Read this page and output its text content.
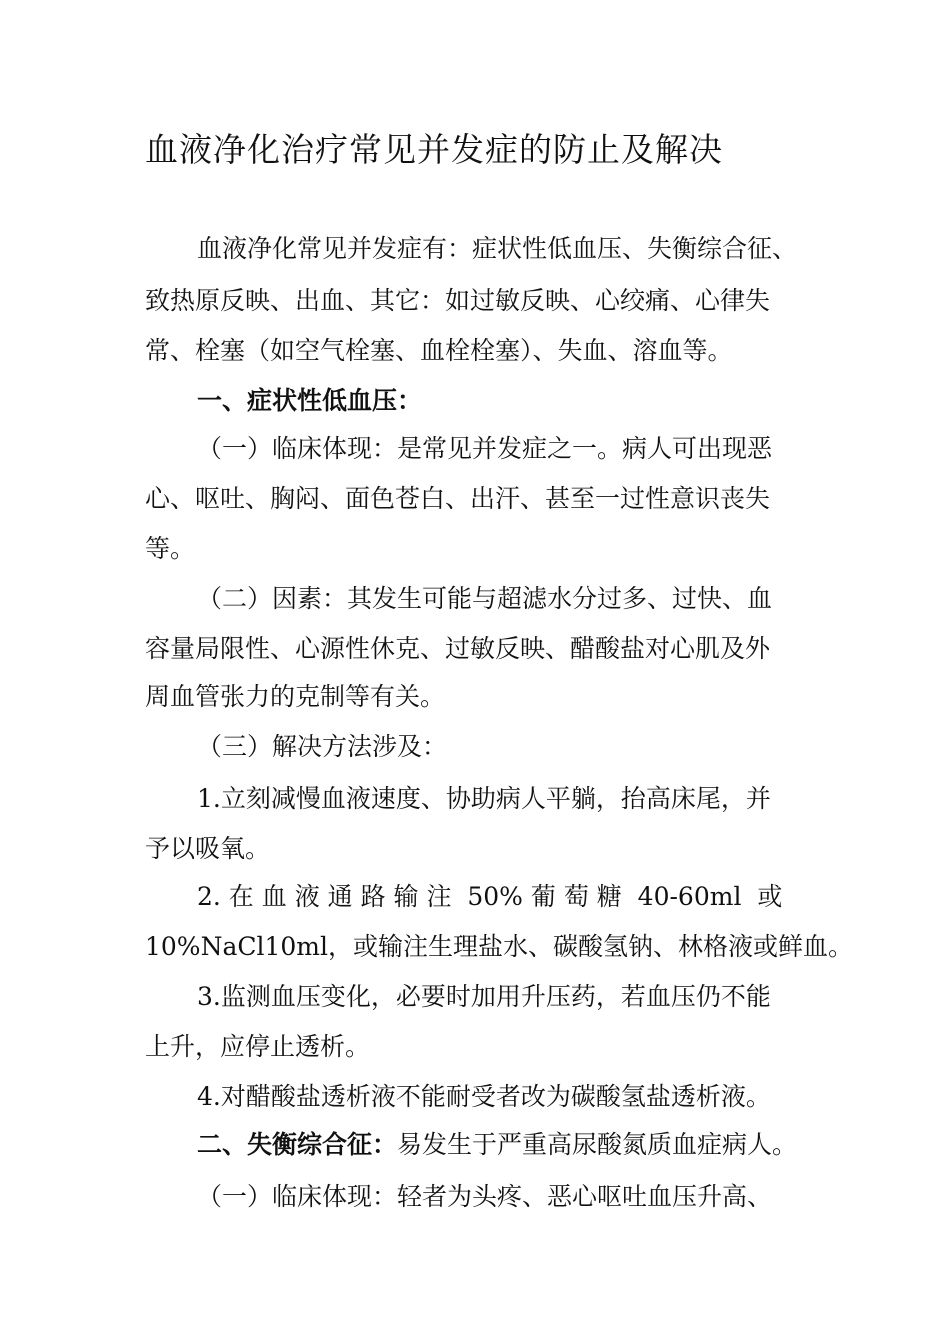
血液净化治疗常见并发症的防止及解决

血液净化常见并发症有：症状性低血压、失衡综合征、

致热原反映、出血、其它：如过敏反映、心绞痛、心律失

常、栓塞（如空气栓塞、血栓栓塞）、失血、溶血等。

一、症状性低血压：

（一）临床体现：是常见并发症之一。病人可出现恶

心、呕吐、胸闷、面色苍白、出汗、甚至一过性意识丧失

等。

（二）因素：其发生可能与超滤水分过多、过快、血

容量局限性、心源性休克、过敏反映、醋酸盐对心肌及外

周血管张力的克制等有关。

（三）解决方法涉及：

1.立刻减慢血液速度、协助病人平躺，抬高床尾，并

予以吸氧。

2. 在 血 液 通 路 输 注  50% 葡 萄 糖  40-60ml  或

10%NaCl10ml，或输注生理盐水、碳酸氢钠、林格液或鲜血。

3.监测血压变化，必要时加用升压药，若血压仍不能

上升，应停止透析。

4.对醋酸盐透析液不能耐受者改为碳酸氢盐透析液。

二、失衡综合征：易发生于严重高尿酸氮质血症病人。

（一）临床体现：轻者为头疼、恶心呕吐血压升高、
